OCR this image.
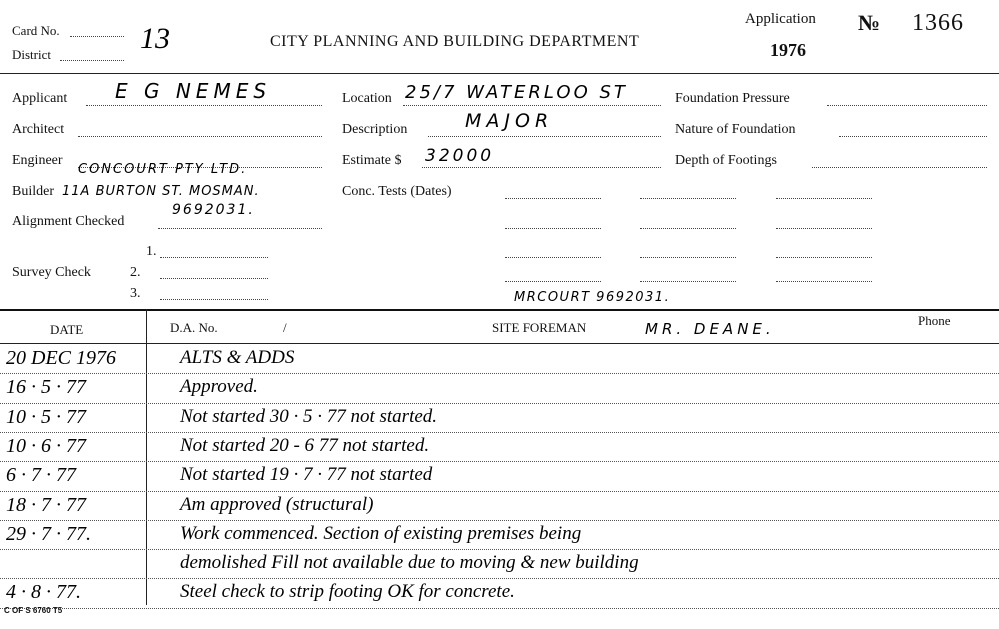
Card No.
District	13	CITY PLANNING AND BUILDING DEPARTMENT
Application
1976
№ 1366
Applicant E G NEMES
Architect
Engineer
CONCOURT PTY LTD.
Builder 11A BURTON ST. MOSMAN.
9692031.
Alignment Checked
1.
Survey Check	2.
3.
Location 25/7 WATERLOO ST
Description	MAJOR
Estimate $ 32000
Conc. Tests (Dates)
Foundation Pressure
Nature of Foundation
Depth of Footings
MRCOURT 9692031.
DATE	D.A. No.	/	SITE FOREMAN	MR. DEANE.	Phone
20 DEC 1976	ALTS & ADDS
16 · 5 · 77	Approved.
10 · 5 · 77	Not started 30 · 5 · 77 not started.
10 · 6 · 77	Not started 20 - 6 77 not started.
6 · 7 · 77	Not started 19 · 7 · 77 not started
18 · 7 · 77	Am approved (structural)
29 · 7 · 77.	Work commenced. Section of existing premises being
demolished Fill not available due to moving & new building
4 · 8 · 77.	Steel check to strip footing OK for concrete.
C OF S 6760 T5
